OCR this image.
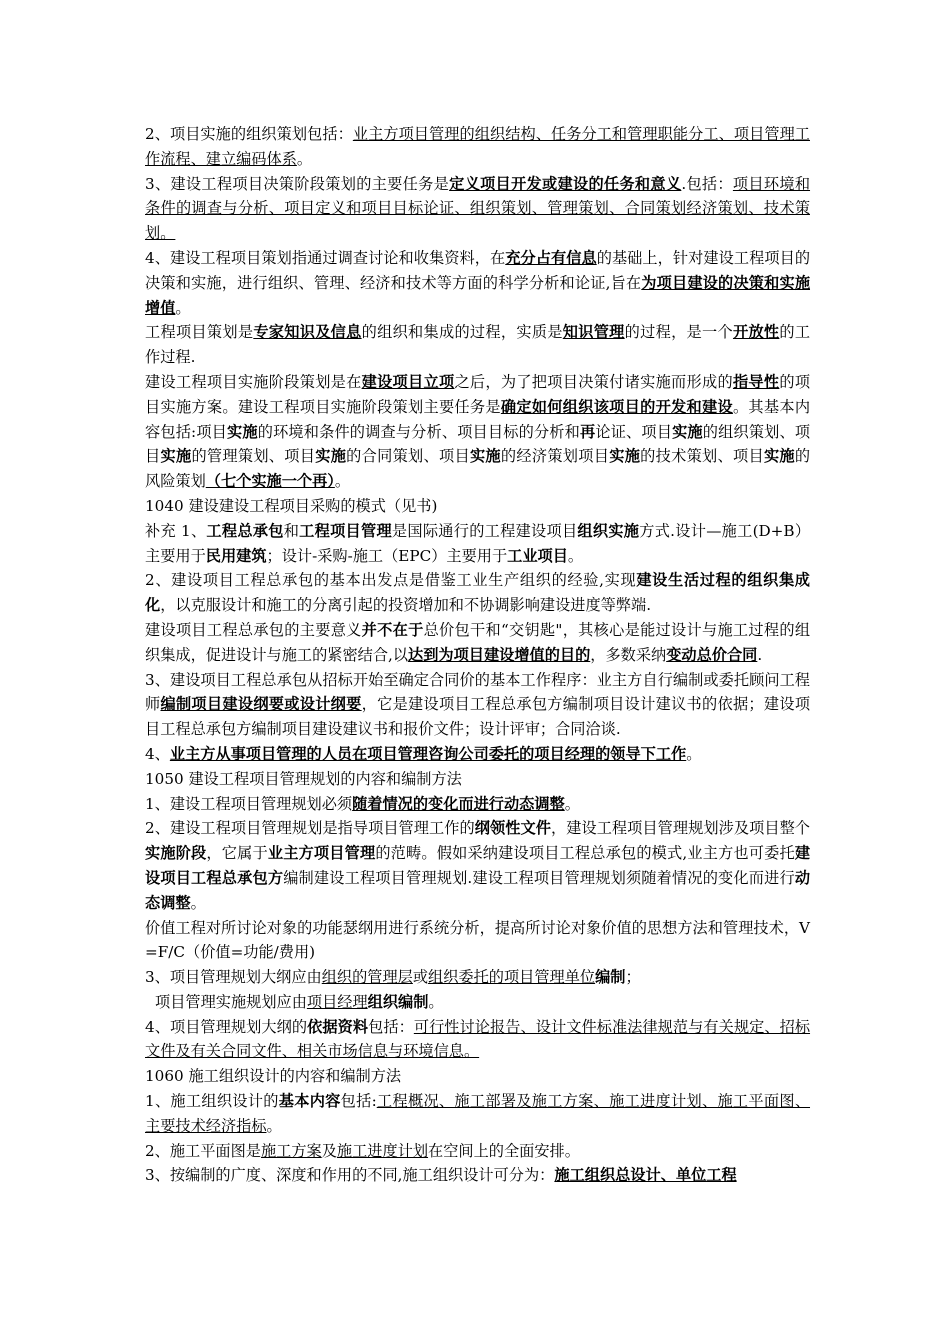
2、项目实施的组织策划包括：业主方项目管理的组织结构、任务分工和管理职能分工、项目管理工作流程、建立编码体系。

3、建设工程项目决策阶段策划的主要任务是定义项目开发或建设的任务和意义.包括：项目环境和条件的调查与分析、项目定义和项目目标论证、组织策划、管理策划、合同策划经济策划、技术策划。

4、建设工程项目策划指通过调查讨论和收集资料，在充分占有信息的基础上，针对建设工程项目的决策和实施，进行组织、管理、经济和技术等方面的科学分析和论证,旨在为项目建设的决策和实施增值。

工程项目策划是专家知识及信息的组织和集成的过程，实质是知识管理的过程，是一个开放性的工作过程.

建设工程项目实施阶段策划是在建设项目立项之后，为了把项目决策付诸实施而形成的指导性的项目实施方案。建设工程项目实施阶段策划主要任务是确定如何组织该项目的开发和建设。其基本内容包括:项目实施的环境和条件的调查与分析、项目目标的分析和再论证、项目实施的组织策划、项目实施的管理策划、项目实施的合同策划、项目实施的经济策划项目实施的技术策划、项目实施的风险策划（七个实施一个再）。

1040 建设建设工程项目采购的模式（见书)

补充 1、工程总承包和工程项目管理是国际通行的工程建设项目组织实施方式.设计—施工(D+B）主要用于民用建筑；设计-采购-施工（EPC）主要用于工业项目。

2、建设项目工程总承包的基本出发点是借鉴工业生产组织的经验,实现建设生活过程的组织集成化，以克服设计和施工的分离引起的投资增加和不协调影响建设进度等弊端.

建设项目工程总承包的主要意义并不在于总价包干和“交钥匙"，其核心是能过设计与施工过程的组织集成，促进设计与施工的紧密结合,以达到为项目建设增值的目的，多数采纳变动总价合同.

3、建设项目工程总承包从招标开始至确定合同价的基本工作程序：业主方自行编制或委托顾问工程师编制项目建设纲要或设计纲要，它是建设项目工程总承包方编制项目设计建议书的依据；建设项目工程总承包方编制项目建设建议书和报价文件；设计评审；合同洽谈.

4、业主方从事项目管理的人员在项目管理咨询公司委托的项目经理的领导下工作。

1050 建设工程项目管理规划的内容和编制方法

1、建设工程项目管理规划必须随着情况的变化而进行动态调整。

2、建设工程项目管理规划是指导项目管理工作的纲领性文件，建设工程项目管理规划涉及项目整个实施阶段，它属于业主方项目管理的范畴。假如采纳建设项目工程总承包的模式,业主方也可委托建设项目工程总承包方编制建设工程项目管理规划.建设工程项目管理规划须随着情况的变化而进行动态调整。

价值工程对所讨论对象的功能瑟纲用进行系统分析，提高所讨论对象价值的思想方法和管理技术，V=F/C（价值=功能/费用)

3、项目管理规划大纲应由组织的管理层或组织委托的项目管理单位编制；

项目管理实施规划应由项目经理组织编制。

4、项目管理规划大纲的依据资料包括：可行性讨论报告、设计文件标准法律规范与有关规定、招标文件及有关合同文件、相关市场信息与环境信息。

1060 施工组织设计的内容和编制方法

1、施工组织设计的基本内容包括:工程概况、施工部署及施工方案、施工进度计划、施工平面图、主要技术经济指标。

2、施工平面图是施工方案及施工进度计划在空间上的全面安排。

3、按编制的广度、深度和作用的不同,施工组织设计可分为：施工组织总设计、单位工程
